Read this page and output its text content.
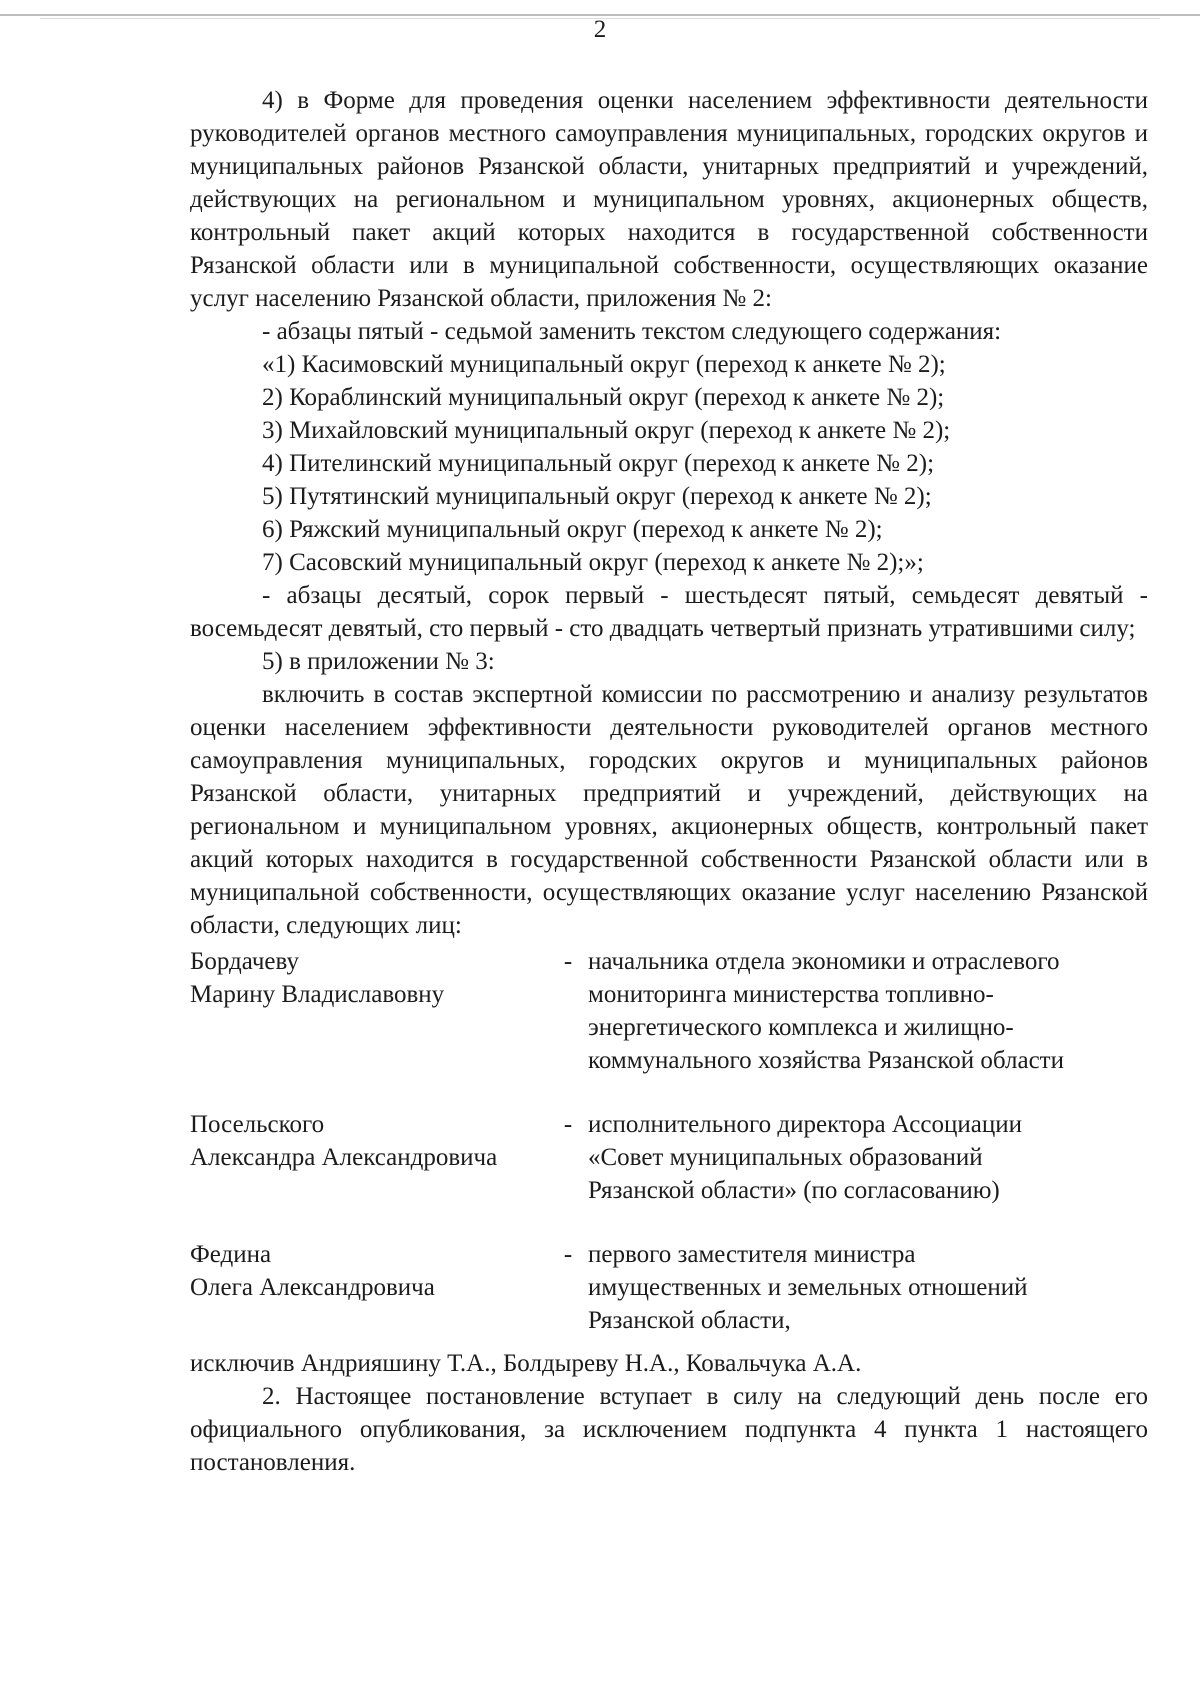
2

4) в Форме для проведения оценки населением эффективности деятельности руководителей органов местного самоуправления муниципальных, городских округов и муниципальных районов Рязанской области, унитарных предприятий и учреждений, действующих на региональном и муниципальном уровнях, акционерных обществ, контрольный пакет акций которых находится в государственной собственности Рязанской области или в муниципальной собственности, осуществляющих оказание услуг населению Рязанской области, приложения № 2:

- абзацы пятый - седьмой заменить текстом следующего содержания:

«1) Касимовский муниципальный округ (переход к анкете № 2);

2) Кораблинский муниципальный округ (переход к анкете № 2);

3) Михайловский муниципальный округ (переход к анкете № 2);

4) Пителинский муниципальный округ (переход к анкете № 2);

5) Путятинский муниципальный округ (переход к анкете № 2);

6) Ряжский муниципальный округ (переход к анкете № 2);

7) Сасовский муниципальный округ (переход к анкете № 2);»;

- абзацы десятый, сорок первый - шестьдесят пятый, семьдесят девятый - восемьдесят девятый, сто первый - сто двадцать четвертый признать утратившими силу;

5) в приложении № 3:

включить в состав экспертной комиссии по рассмотрению и анализу результатов оценки населением эффективности деятельности руководителей органов местного самоуправления муниципальных, городских округов и муниципальных районов Рязанской области, унитарных предприятий и учреждений, действующих на региональном и муниципальном уровнях, акционерных обществ, контрольный пакет акций которых находится в государственной собственности Рязанской области или в муниципальной собственности, осуществляющих оказание услуг населению Рязанской области, следующих лиц:

Бордачеву
Марину Владиславовну
- начальника отдела экономики и отраслевого мониторинга министерства топливно-энергетического комплекса и жилищно-коммунального хозяйства Рязанской области
Посельского
Александра Александровича
- исполнительного директора Ассоциации «Совет муниципальных образований Рязанской области» (по согласованию)
Федина
Олега Александровича
- первого заместителя министра имущественных и земельных отношений Рязанской области,

исключив Андрияшину Т.А., Болдыреву Н.А., Ковальчука А.А.

2. Настоящее постановление вступает в силу на следующий день после его официального опубликования, за исключением подпункта 4 пункта 1 настоящего постановления.
